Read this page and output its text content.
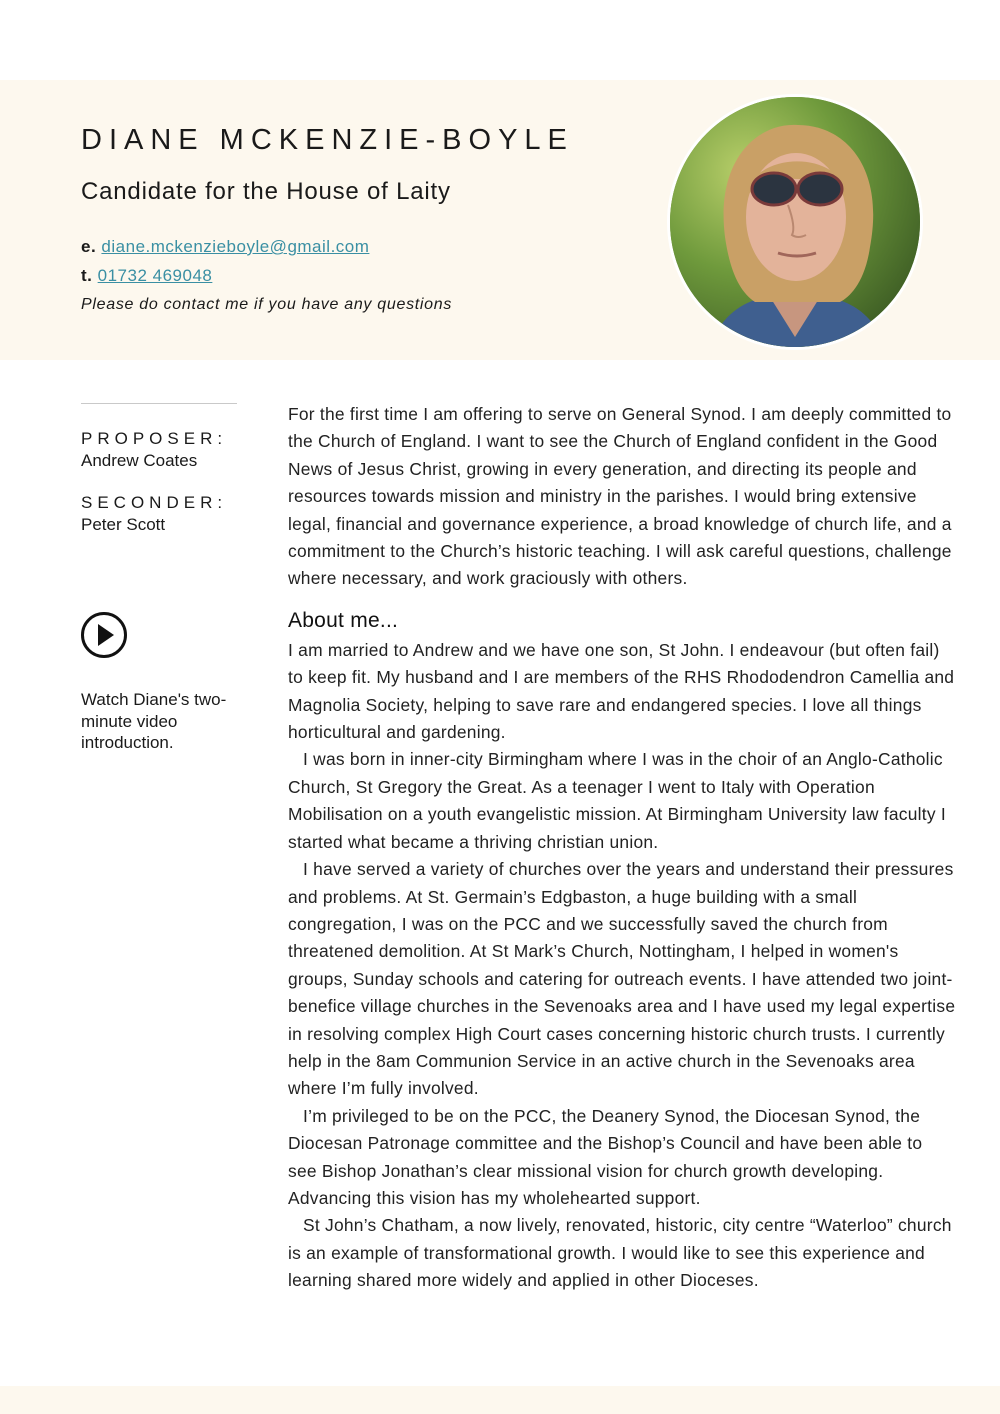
DIANE MCKENZIE-BOYLE
Candidate for the House of Laity
e. diane.mckenzieboyle@gmail.com
t. 01732 469048
Please do contact me if you have any questions
PROPOSER:
Andrew Coates
SECONDER:
Peter Scott
Watch Diane's two-minute video introduction.

For the first time I am offering to serve on General Synod. I am deeply committed to the Church of England. I want to see the Church of England confident in the Good News of Jesus Christ, growing in every generation, and directing its people and resources towards mission and ministry in the parishes. I would bring extensive legal, financial and governance experience, a broad knowledge of church life, and a commitment to the Church’s historic teaching. I will ask careful questions, challenge where necessary, and work graciously with others.

About me...

I am married to Andrew and we have one son, St John. I endeavour (but often fail) to keep fit. My husband and I are members of the RHS Rhododendron Camellia and Magnolia Society, helping to save rare and endangered species. I love all things horticultural and gardening.

I was born in inner-city Birmingham where I was in the choir of an Anglo-Catholic Church, St Gregory the Great. As a teenager I went to Italy with Operation Mobilisation on a youth evangelistic mission. At Birmingham University law faculty I started what became a thriving christian union.

I have served a variety of churches over the years and understand their pressures and problems. At St. Germain’s Edgbaston, a huge building with a small congregation, I was on the PCC and we successfully saved the church from threatened demolition. At St Mark’s Church, Nottingham, I helped in women's groups, Sunday schools and catering for outreach events. I have attended two joint-benefice village churches in the Sevenoaks area and I have used my legal expertise in resolving complex High Court cases concerning historic church trusts. I currently help in the 8am Communion Service in an active church in the Sevenoaks area where I’m fully involved.

I’m privileged to be on the PCC, the Deanery Synod, the Diocesan Synod, the Diocesan Patronage committee and the Bishop’s Council and have been able to see Bishop Jonathan’s clear missional vision for church growth developing. Advancing this vision has my wholehearted support.

St John’s Chatham, a now lively, renovated, historic, city centre “Waterloo” church is an example of transformational growth. I would like to see this experience and learning shared more widely and applied in other Dioceses.
